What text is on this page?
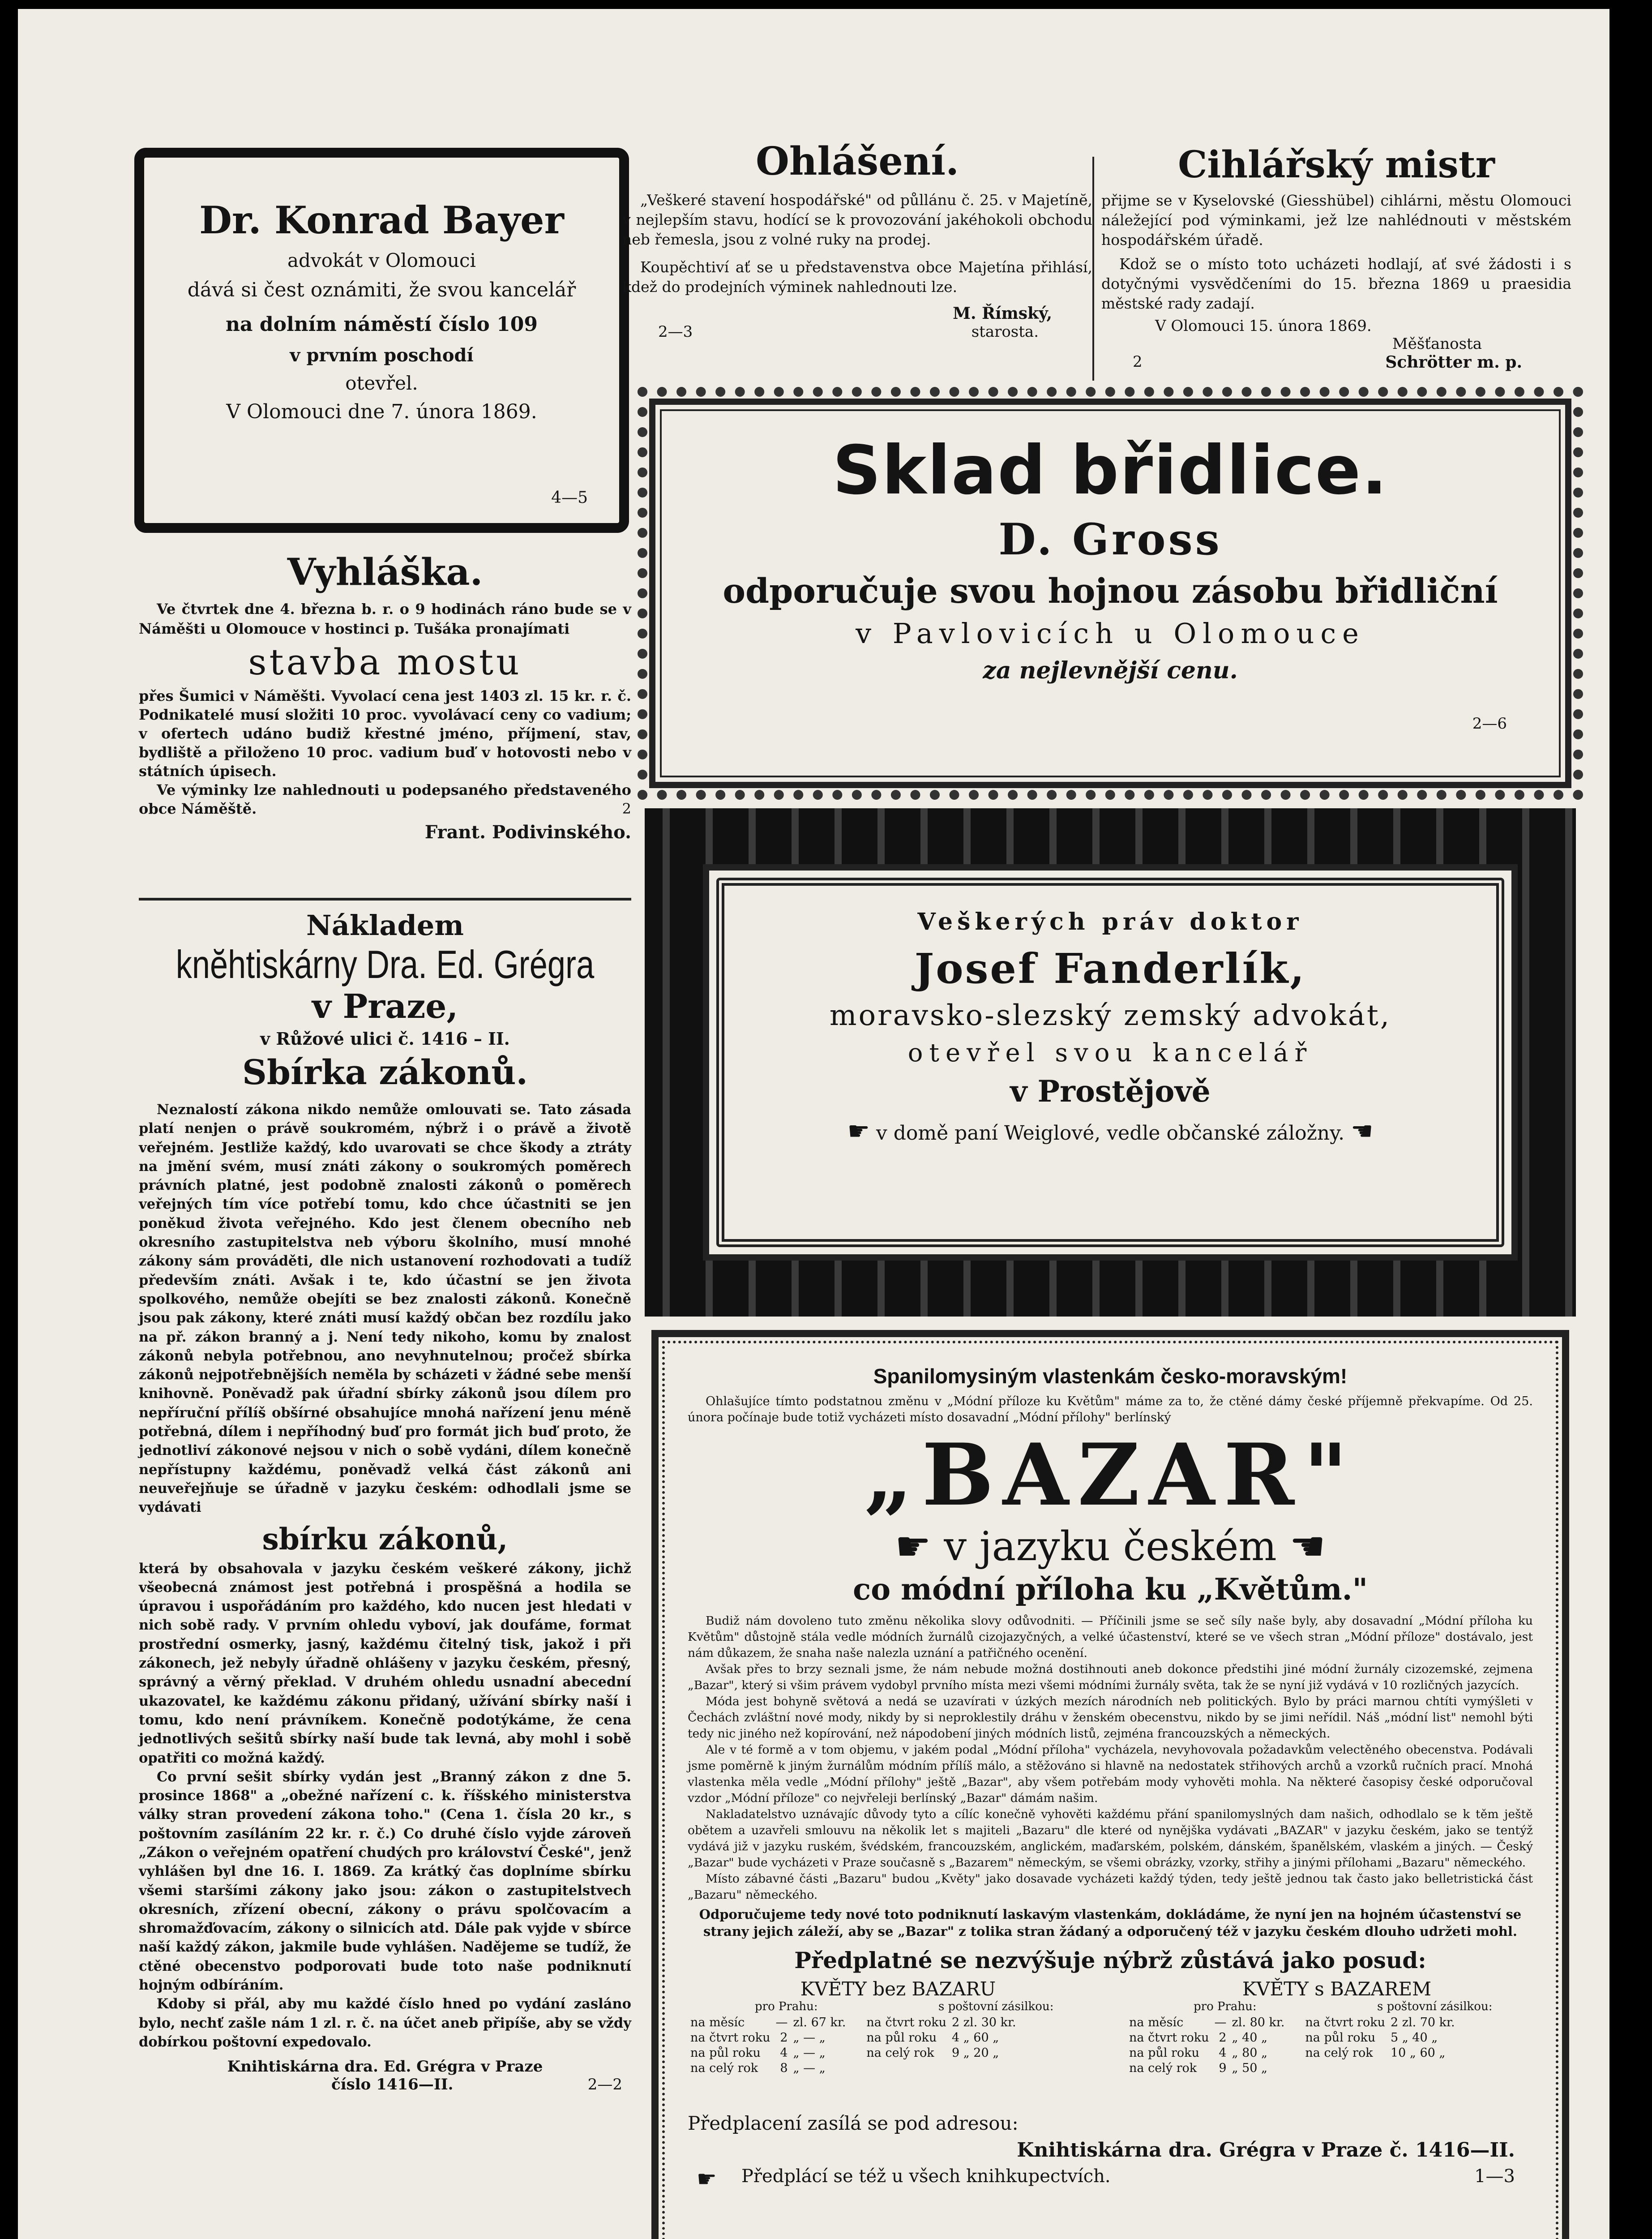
Dr. Konrad Bayer
advokát v Olomouci
dává si čest oznámiti, že svou kancelář
na dolním náměstí číslo 109
v prvním poschodí
otevřel.
V Olomouci dne 7. února 1869.
4—5
Ohlášení.

„Veškeré stavení hospodářské" od půllánu č. 25. v Majetínĕ, v nejlepším stavu, hodící se k provozování jakéhokoli obchodu neb řemesla, jsou z volné ruky na prodej.

Koupěchtiví ať se u představenstva obce Majetína přihlásí, kdež do prodejních výminek nahlednouti lze.

M. Římský,
2—3	starosta.
Cihlářský mistr

přijme se v Kyselovské (Giesshübel) cihlárni, městu Olomouci náležející pod výminkami, jež lze nahlédnouti v městském hospodářském úřadě.

Kdož se o místo toto ucházeti hodlají, ať své žádosti i s dotyčnými vysvědčeními do 15. března 1869 u prаesidia městské rady zadají.

V Olomouci 15. února 1869.
Měšťanosta
2	Schrötter m. p.
Vyhláška.

Ve čtvrtek dne 4. března b. r. o 9 hodinách ráno bude se v Náměšti u Olomouce v hostinci p. Tušáka pronajímati

stavba mostu

přes Šumici v Náměšti. Vyvolací cena jest 1403 zl. 15 kr. r. č. Podnikatelé musí složiti 10 proc. vyvolávací ceny co vadium; v ofertech udáno budiž křestné jméno, příjmení, stav, bydliště a přiloženo 10 proc. vadium buď v hotovosti nebo v státních úpisech.

Ve výminky lze nahlednouti u podepsaného představeného obce Náměště.	2
Frant. Podivinského.
Nákladem
knĕhtiskárny Dra. Ed. Grégra
v Praze,
v Růžové ulici č. 1416 – II.
Sbírka zákonů.

Neznalostí zákona nikdo nemůže omlouvati se. Tato zásada platí nenjen o právě soukromém, nýbrž i o právě a životě veřejném. Jestliže každý, kdo uvarovati se chce škody a ztráty na jmění svém, musí znáti zákony o soukromých poměrech právních platné, jest podobně znalosti zákonů o poměrech veřejných tím více potřebí tomu, kdo chce účastniti se jen poněkud života veřejného. Kdo jest členem obecního neb okresního zastupitelstva neb výboru školního, musí mnohé zákony sám prováděti, dle nich ustanovení rozhodovati a tudíž především znáti. Avšak i te, kdo účastní se jen života spolkového, nemůže obejíti se bez znalosti zákonů. Konečně jsou pak zákony, které znáti musí každý občan bez rozdílu jako na př. zákon branný a j. Není tedy nikoho, komu by znalost zákonů nebyla potřebnou, ano nevyhnutelnou; pročež sbírka zákonů nejpotřebnějších neměla by scházeti v žádné sebe menší knihovně. Poněvadž pak úřadní sbírky zákonů jsou dílem pro nepříruční přílíš obšírné obsahujíce mnohá nařízení jenu méně potřebná, dílem i nepříhodný buď pro formát jich buď proto, že jednotliví zákonové nejsou v nich o sobě vydáni, dílem konečně nepřístupny každému, poněvadž velká část zákonů ani neuveřejňuje se úřadně v jazyku českém: odhodlali jsme se vydávati

sbírku zákonů,

která by obsahovala v jazyku českém veškeré zákony, jichž všeobecná známost jest potřebná i prospěšná a hodila se úpravou i uspořádáním pro každého, kdo nucen jest hledati v nich sobě rady. V prvním ohledu vyboví, jak doufáme, format prostřední osmerky, jasný, každému čitelný tisk, jakož i při zákonech, jež nebyly úřadně ohlášeny v jazyku českém, přesný, správný a věrný překlad. V druhém ohledu usnadní abecední ukazovatel, ke každému zákonu přidaný, užívání sbírky naší i tomu, kdo není právníkem. Konečně podotýkáme, že cena jednotlivých sešitů sbírky naší bude tak levná, aby mohl i sobě opatřiti co možná každý.

Co první sešit sbírky vydán jest „Branný zákon z dne 5. prosince 1868" a „obežné nařízení c. k. říšského ministerstva války stran provedení zákona toho." (Cena 1. čísla 20 kr., s poštovním zasíláním 22 kr. r. č.) Co druhé číslo vyjde zároveň „Zákon o veřejném opatření chudých pro království České", jenž vyhlášen byl dne 16. I. 1869. Za krátký čas doplníme sbírku všemi staršími zákony jako jsou: zákon o zastupitelstvech okresních, zřízení obecní, zákony o právu spolčovacím a shromažďovacím, zákony o silnicích atd. Dále pak vyjde v sbírce naší každý zákon, jakmile bude vyhlášen. Nadějeme se tudíž, že ctěné obecenstvo podporovati bude toto naše podniknutí hojným odbíráním.

Kdoby si přál, aby mu každé číslo hned po vydání zasláno bylo, nechť zašle nám 1 zl. r. č. na účet aneb připíše, aby se vždy dobírkou poštovní expedovalo.

Knihtiskárna dra. Ed. Grégra v Praze
číslo 1416—II.	2—2
Sklad břidlice.
D. Gross
odporučuje svou hojnou zásobu břidliční
v Pavlovicích u Olomouce
za nejlevnější cenu.
2—6
Veškerých práv doktor
Josef Fanderlík,
moravsko-slezský zemský advokát,
otevřel svou kancelář
v Prostějově
☛ v domě paní Weiglové, vedle občanské záložny. ☚
Spanilomysiným vlastenkám česko-moravským!

Ohlašujíce tímto podstatnou změnu v „Módní příloze ku Květům" máme za to, že ctěné dámy české příjemně překvapíme. Od 25. února počínaje bude totiž vycházeti místo dosavadní „Módní přílohy" berlínský

„BAZAR"
☛ v jazyku českém ☚
co módní příloha ku „Květům."

Budiž nám dovoleno tuto změnu několika slovy odůvodniti. — Příčinili jsme se seč síly naše byly, aby dosavadní „Módní příloha ku Květům" důstojně stála vedle módních žurnálů cizojazyčných, a velké účastenství, které se ve všech stran „Módní příloze" dostávalo, jest nám důkazem, že snaha naše nalezla uznání a patřičného ocenění.

Avšak přes to brzy seznali jsme, že nám nebude možná dostihnouti aneb dokonce předstihi jiné módní žurnály cizozemské, zejmena „Bazar", který si všim právem vydobyl prvního místa mezi všemi módními žurnály světa, tak že se nyní již vydává v 10 rozličných jazycích.

Móda jest bohyně světová a nedá se uzavírati v úzkých mezích národních neb politických. Bylo by práci marnou chtíti vymýšleti v Čechách zvláštní nové mody, nikdy by si neproklestily dráhu v ženském obecenstvu, nikdo by se jimi neřídil. Náš „módní list" nemohl býti tedy nic jiného než kopírování, než nápodobení jiných módních listů, zejména francouzských a německých.

Ale v té formě a v tom objemu, v jakém podal „Módní příloha" vycházela, nevyhovovala požadavkům velectěného obecenstva. Podávali jsme poměrně k jiným žurnálům módním přílíš málo, a stěžováno si hlavně na nedostatek střihových archů a vzorků ručních prací. Mnohá vlastenka měla vedle „Módní přílohy" ještě „Bazar", aby všem potřebám mody vyhověti mohla. Na některé časopisy české odporučoval vzdor „Módní příloze" co nejvřeleji berlínský „Bazar" dámám našim.

Nakladatelstvo uznávajíc důvody tyto a cílíc konečně vyhověti každému přání spanilomyslných dam našich, odhodlalo se k těm ještě obětem a uzavřeli smlouvu na několik let s majiteli „Bazaru" dle které od nynějška vydávati „BAZAR" v jazyku českém, jako se tentýž vydává již v jazyku ruském, švédském, francouzském, anglickém, maďarském, polském, dánském, španělském, vlaském a jiných. — Český „Bazar" bude vycházeti v Praze současně s „Bazarem" německým, se všemi obrázky, vzorky, střihy a jinými přílohami „Bazaru" německého.

Místo zábavné části „Bazaru" budou „Květy" jako dosavade vycházeti každý týden, tedy ještě jednou tak často jako belletristická část „Bazaru" německého.

Odporučujeme tedy nové toto podniknutí laskavým vlastenkám, dokládáme, že nyní jen na hojném účastenství se strany jejich záleží, aby se „Bazar" z tolika stran žádaný a odporučený též v jazyku českém dlouho udržeti mohl.

Předplatné se nezvýšuje nýbrž zůstává jako posud:
KVĚTY bez BAZARU
pro Prahu:	s poštovní zásilkou:
na měsíc	—	zl. 67 kr.	na čtvrt roku	2 zl. 30 kr.
na čtvrt roku	2	„ — „	na půl roku	4 „ 60 „
na půl roku	4	„ — „	na celý rok	9 „ 20 „
na celý rok	8	„ — „		
KVĚTY s BAZAREM
pro Prahu:	s poštovní zásilkou:
na měsíc	—	zl. 80 kr.	na čtvrt roku	2 zl. 70 kr.
na čtvrt roku	2	„ 40 „	na půl roku	5 „ 40 „
na půl roku	4	„ 80 „	na celý rok	10 „ 60 „
na celý rok	9	„ 50 „		
Předplacení zasílá se pod adresou:
Knihtiskárna dra. Grégra v Praze č. 1416—II.
☛ Předplácí se též u všech knihkupectvích.	1—3
